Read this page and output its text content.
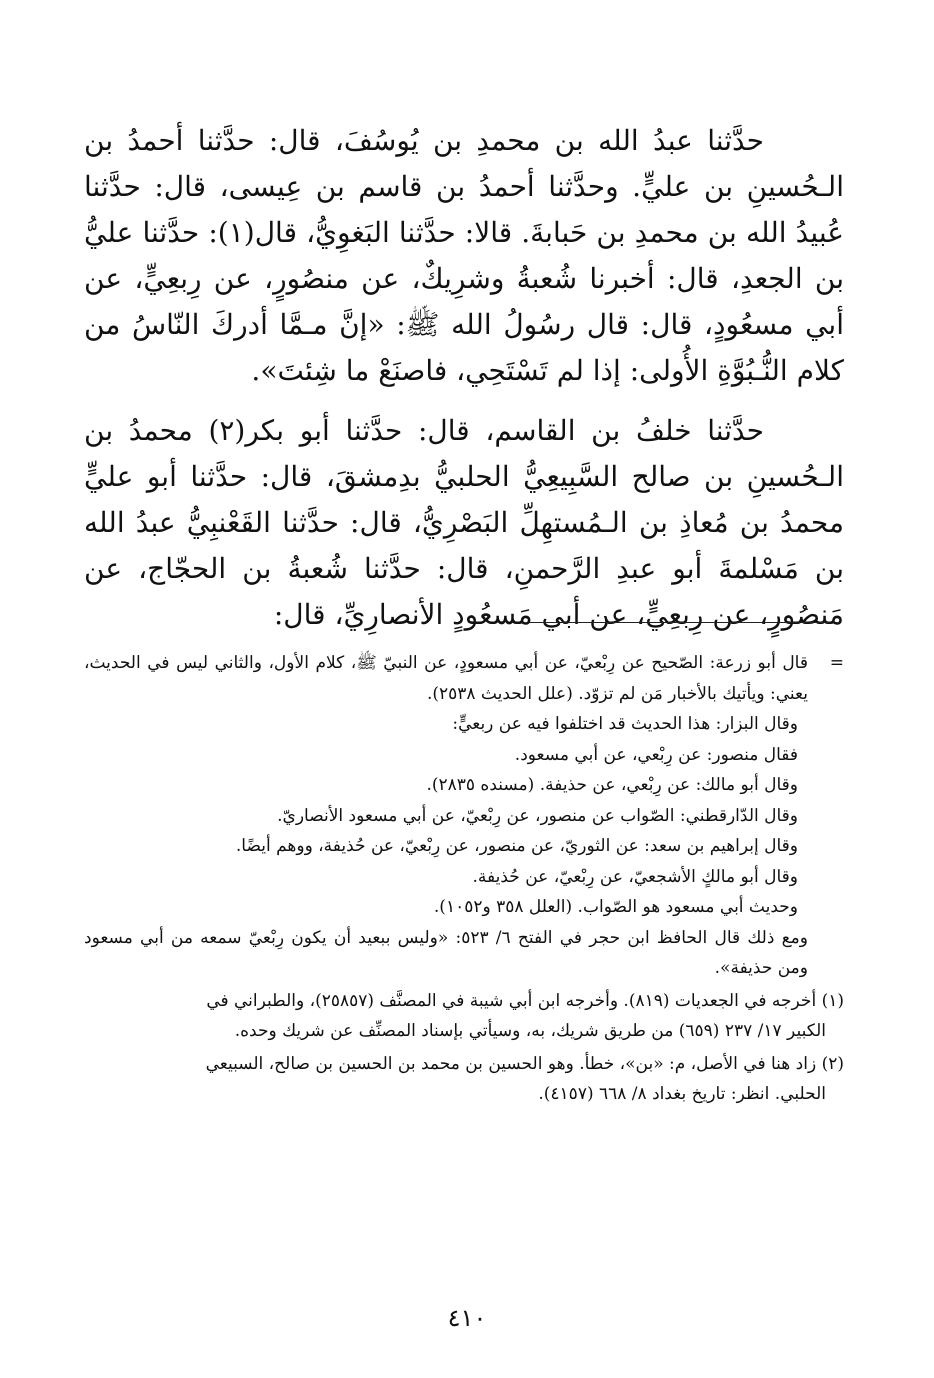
حدَّثنا عبدُ الله بن محمدِ بن يُوسُفَ، قال: حدَّثنا أحمدُ بن الـحُسينِ بن عليٍّ. وحدَّثنا أحمدُ بن قاسم بن عِيسى، قال: حدَّثنا عُبيدُ الله بن محمدِ بن حَبابةَ. قالا: حدَّثنا البَغوِيُّ، قال(١): حدَّثنا عليُّ بن الجعدِ، قال: أخبرنا شُعبةُ وشرِيكٌ، عن منصُورٍ، عن رِبعِيٍّ، عن أبي مسعُودٍ، قال: قال رسُولُ الله ﷺ: «إنَّ مـمَّا أدركَ النّاسُ من كلام النُّـبُوَّةِ الأُولى: إذا لم تَسْتَحِي، فاصنَعْ ما شِئتَ».

حدَّثنا خلفُ بن القاسم، قال: حدَّثنا أبو بكر(٢) محمدُ بن الـحُسينِ بن صالح السَّبِيعِيُّ الحلبيُّ بدِمشقَ، قال: حدَّثنا أبو عليٍّ محمدُ بن مُعاذِ بن الـمُستهِلِّ البَصْرِيُّ، قال: حدَّثنا القَعْنبِيُّ عبدُ الله بن مَسْلمةَ أبو عبدِ الرَّحمنِ، قال: حدَّثنا شُعبةُ بن الحجّاج، عن مَنصُورٍ، عن رِبعِيٍّ، عن أبي مَسعُودٍ الأنصارِيِّ، قال:

=قال أبو زرعة: الصّحيح عن رِبْعيّ، عن أبي مسعودٍ، عن النبيّ ﷺ، كلام الأول، والثاني ليس في الحديث، يعني: ويأتيك بالأخبار مَن لم تزوّد. (علل الحديث ٢٥٣٨).
وقال البزار: هذا الحديث قد اختلفوا فيه عن ربعيٍّ:
فقال منصور: عن رِبْعي، عن أبي مسعود.
وقال أبو مالك: عن رِبْعي، عن حذيفة. (مسنده ٢٨٣٥).
وقال الدّارقطني: الصّواب عن منصور، عن رِبْعيّ، عن أبي مسعود الأنصاريّ.
وقال إبراهيم بن سعد: عن الثوريّ، عن منصور، عن رِبْعيّ، عن حُذيفة، ووهم أيضًا.
وقال أبو مالكٍ الأشجعيّ، عن رِبْعيّ، عن حُذيفة.
وحديث أبي مسعود هو الصّواب. (العلل ٣٥٨ و١٠٥٢).
ومع ذلك قال الحافظ ابن حجر في الفتح ٦/ ٥٢٣: «وليس ببعيد أن يكون رِبْعيّ سمعه من أبي مسعود ومن حذيفة».
(١) أخرجه في الجعديات (٨١٩). وأخرجه ابن أبي شيبة في المصنَّف (٢٥٨٥٧)، والطبراني في
الكبير ١٧/ ٢٣٧ (٦٥٩) من طريق شريك، به، وسيأتي بإسناد المصنِّف عن شريك وحده.
(٢) زاد هنا في الأصل، م: «بن»، خطأ. وهو الحسين بن محمد بن الحسين بن صالح، السبيعي
الحلبي. انظر: تاريخ بغداد ٨/ ٦٦٨ (٤١٥٧).
٤١٠
